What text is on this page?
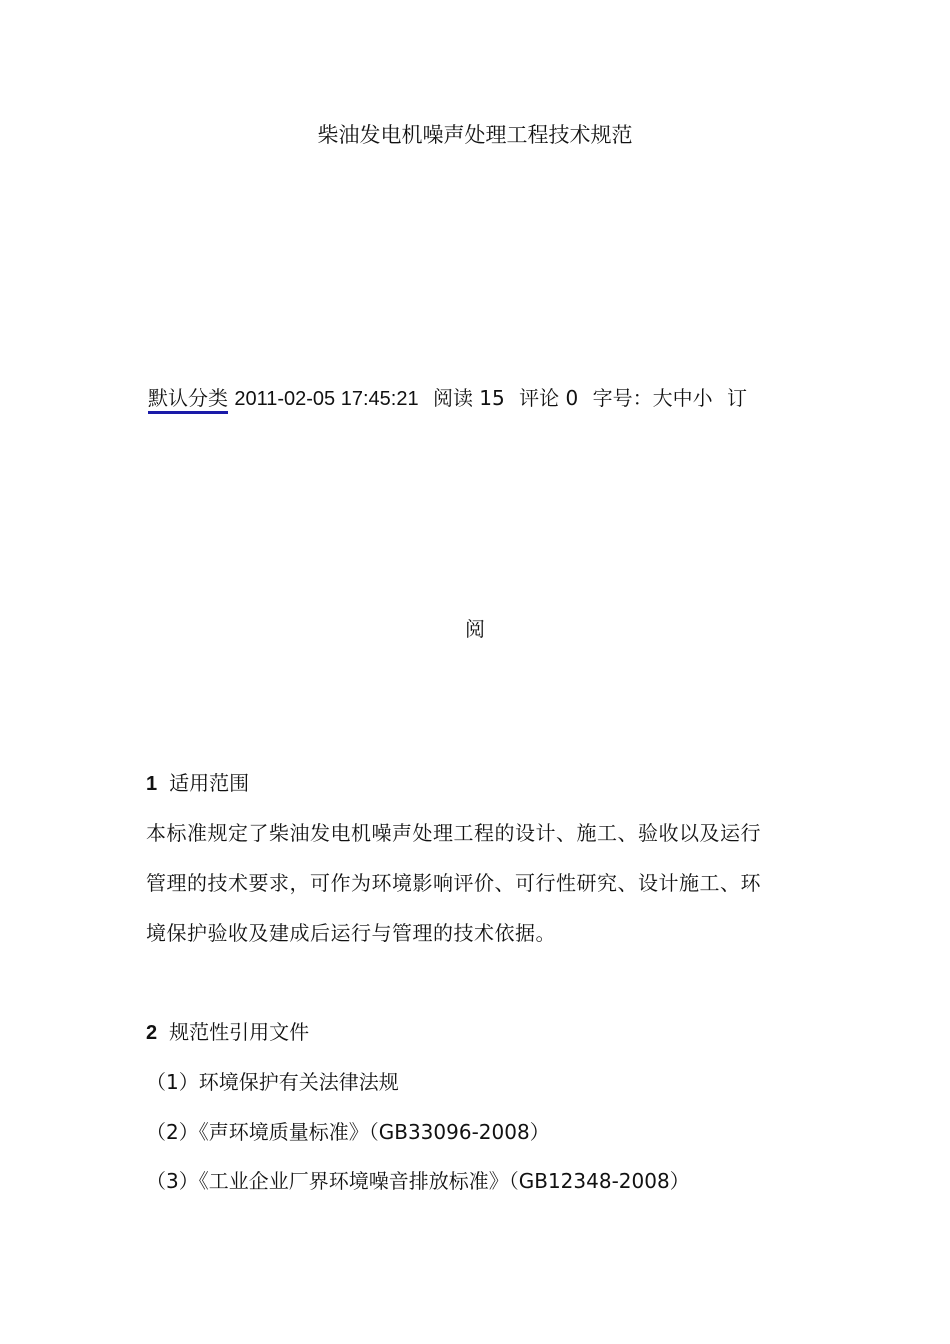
柴油发电机噪声处理工程技术规范
默认分类 2011-02-05 17:45:21 阅读 15 评论 0 字号：大中小 订
阅
1 适用范围
本标准规定了柴油发电机噪声处理工程的设计、施工、验收以及运行
管理的技术要求，可作为环境影响评价、可行性研究、设计施工、环
境保护验收及建成后运行与管理的技术依据。
2 规范性引用文件
（1）环境保护有关法律法规
（2）《声环境质量标准》（GB33096-2008）
（3）《工业企业厂界环境噪音排放标准》（GB12348-2008）
